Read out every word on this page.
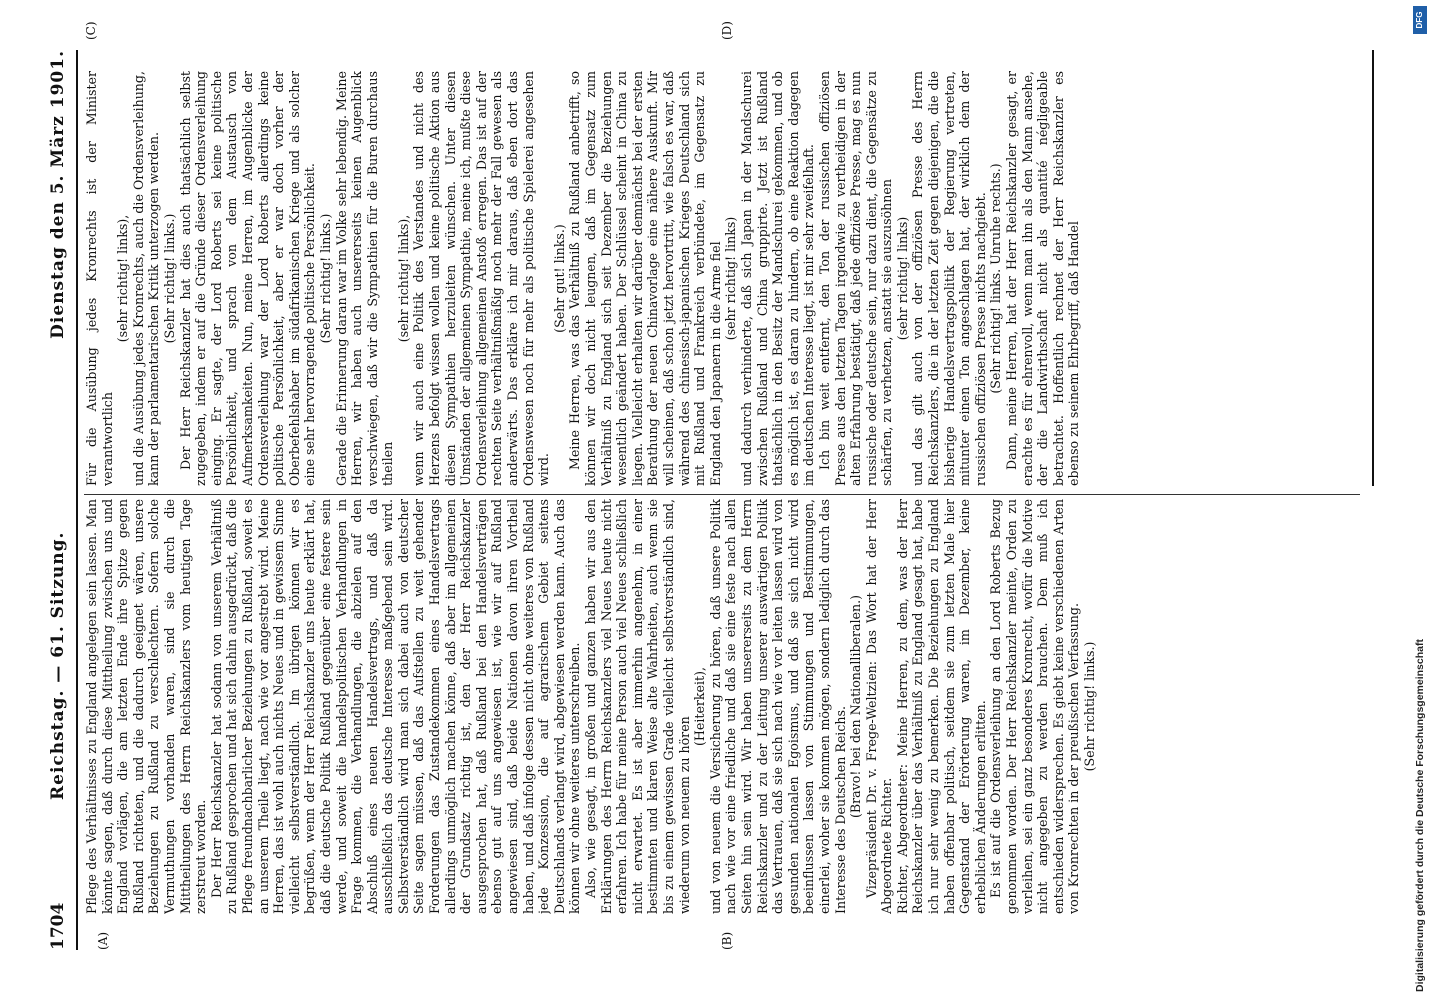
1704
Reichstag. — 61. Sitzung.
Dienstag den 5. März 1901.
(A)	(B)
(C)	(D)

Pflege des Verhältnisses zu England angelegen sein lassen. Man könnte sagen, daß durch diese Mittheilung zwischen uns und England vorlägen, die am letzten Ende ihre Spitze gegen Rußland richteten, und die dadurch geeignet wären, unsere Beziehungen zu Rußland zu verschlechtern. Sofern solche Vermuthungen vorhanden waren, sind sie durch die Mittheilungen des Herrn Reichskanzlers vom heutigen Tage zerstreut worden. Der Herr Reichskanzler hat sodann von unserem Verhältniß zu Rußland gesprochen und hat sich dahin ausgedrückt, daß die Pflege freundnachbarlicher Beziehungen zu Rußland, soweit es an unserem Theile liegt, nach wie vor angestrebt wird. Meine Herren, das ist wohl auch nichts Neues und in gewissem Sinne vielleicht selbstverständlich. Im übrigen können wir es begrüßen, wenn der Herr Reichskanzler uns heute erklärt hat, daß die deutsche Politik Rußland gegenüber eine festere sein werde, und soweit die handelspolitischen Verhandlungen in Frage kommen, die Verhandlungen, die abzielen auf den Abschluß eines neuen Handelsvertrags, und daß da ausschließlich das deutsche Interesse maßgebend sein wird. Selbstverständlich wird man sich dabei auch von deutscher Seite sagen müssen, daß das Aufstellen zu weit gehender Forderungen das Zustandekommen eines Handelsvertrags allerdings unmöglich machen könne, daß aber im allgemeinen der Grundsatz richtig ist, den der Herr Reichskanzler ausgesprochen hat, daß Rußland bei den Handelsverträgen ebenso gut auf uns angewiesen ist, wie wir auf Rußland angewiesen sind, daß beide Nationen davon ihren Vortheil haben, und daß infolge dessen nicht ohne weiteres von Rußland jede Konzession, die auf agrarischem Gebiet seitens Deutschlands verlangt wird, abgewiesen werden kann. Auch das können wir ohne weiteres unterschreiben. Also, wie gesagt, in großen und ganzen haben wir aus den Erklärungen des Herrn Reichskanzlers viel Neues heute nicht erfahren. Ich habe für meine Person auch viel Neues schließlich nicht erwartet. Es ist aber immerhin angenehm, in einer bestimmten und klaren Weise alte Wahrheiten, auch wenn sie bis zu einem gewissen Grade vielleicht selbstverständlich sind, wiederum von neuem zu hören

(Heiterkeit), und von neuem die Versicherung zu hören, daß unsere Politik nach wie vor eine friedliche und daß sie eine feste nach allen Seiten hin sein wird. Wir haben unsererseits zu dem Herrn Reichskanzler und zu der Leitung unserer auswärtigen Politik das Vertrauen, daß sie sich nach wie vor leiten lassen wird von gesunden nationalen Egoismus, und daß sie sich nicht wird beeinflussen lassen von Stimmungen und Bestimmungen, einerlei, woher sie kommen mögen, sondern lediglich durch das Interesse des Deutschen Reichs. (Bravo! bei den Nationalliberalen.) Vizepräsident Dr. v. Frege-Weltzien: Das Wort hat der Herr Abgeordnete Richter. Richter, Abgeordneter: Meine Herren, zu dem, was der Herr Reichskanzler über das Verhältniß zu England gesagt hat, habe ich nur sehr wenig zu bemerken. Die Beziehungen zu England haben offenbar politisch, seitdem sie zum letzten Male hier Gegenstand der Erörterung waren, im Dezember, keine erheblichen Änderungen erlitten. Es ist auf die Ordensverleihung an den Lord Roberts Bezug genommen worden. Der Herr Reichskanzler meinte, Orden zu verleihen, sei ein ganz besonderes Kronrecht, wofür die Motive nicht angegeben zu werden brauchen. Dem muß ich entschieden widersprechen. Es giebt keine verschiedenen Arten von Kronrechten in der preußischen Verfassung. (Sehr richtig! links.)

Für die Ausübung jedes Kronrechts ist der Minister verantwortlich

(sehr richtig! links), und die Ausübung jedes Kronrechts, auch die Ordensverleihung, kann der parlamentarischen Kritik unterzogen werden. (Sehr richtig! links.) Der Herr Reichskanzler hat dies auch thatsächlich selbst zugegeben, indem er auf die Gründe dieser Ordensverleihung einging. Er sagte, der Lord Roberts sei keine politische Persönlichkeit, und sprach von dem Austausch von Aufmerksamkeiten. Nun, meine Herren, im Augenblicke der Ordensverleihung war der Lord Roberts allerdings keine politische Persönlichkeit, aber er war doch vorher der Oberbefehlshaber im südafrikanischen Kriege und als solcher eine sehr hervorragende politische Persönlichkeit. (Sehr richtig! links.) Gerade die Erinnerung daran war im Volke sehr lebendig. Meine Herren, wir haben auch unsererseits keinen Augenblick verschwiegen, daß wir die Sympathien für die Buren durchaus theilen

(sehr richtig! links), wenn wir auch eine Politik des Verstandes und nicht des Herzens befolgt wissen wollen und keine politische Aktion aus diesen Sympathien herzuleiten wünschen. Unter diesen Umständen der allgemeinen Sympathie, meine ich, mußte diese Ordensverleihung allgemeinen Anstoß erregen. Das ist auf der rechten Seite verhältnißmäßig noch mehr der Fall gewesen als anderwärts. Das erkläre ich mir daraus, daß eben dort das Ordenswesen noch für mehr als politische Spielerei angesehen wird.

(Sehr gut! links.) Meine Herren, was das Verhältniß zu Rußland anbetrifft, so können wir doch nicht leugnen, daß im Gegensatz zum Verhältniß zu England sich seit Dezember die Beziehungen wesentlich geändert haben. Der Schlüssel scheint in China zu liegen. Vielleicht erhalten wir darüber demnächst bei der ersten Berathung der neuen Chinavorlage eine nähere Auskunft. Mir will scheinen, daß schon jetzt hervortritt, wie falsch es war, daß während des chinesisch-japanischen Krieges Deutschland sich mit Rußland und Frankreich verbündete, im Gegensatz zu England den Japanern in die Arme fiel (sehr richtig! links) und dadurch verhinderte, daß sich Japan in der Mandschurei zwischen Rußland und China gruppirte. Jetzt ist Rußland thatsächlich in den Besitz der Mandschurei gekommen, und ob es möglich ist, es daran zu hindern, ob eine Reaktion dagegen im deutschen Interesse liegt, ist mir sehr zweifelhaft. Ich bin weit entfernt, den Ton der russischen offiziösen Presse aus den letzten Tagen irgendwie zu vertheidigen in der alten Erfahrung bestätigt, daß jede offiziöse Presse, mag es nun russische oder deutsche sein, nur dazu dient, die Gegensätze zu schärfen, zu verhetzen, anstatt sie auszusöhnen (sehr richtig! links) und das gilt auch von der offiziösen Presse des Herrn Reichskanzlers, die in der letzten Zeit gegen diejenigen, die die bisherige Handelsvertragspolitik der Regierung vertreten, mitunter einen Ton angeschlagen hat, der wirklich dem der russischen offiziösen Presse nichts nachgiebt. (Sehr richtig! links. Unruhe rechts.) Dann, meine Herren, hat der Herr Reichskanzler gesagt, er erachte es für ehrenvoll, wenn man ihn als den Mann ansehe, der die Landwirthschaft nicht als quantité négligeable betrachtet. Hoffentlich rechnet der Herr Reichskanzler es ebenso zu seinem Ehrbegriff, daß Handel

Digitalisierung gefördert durch die Deutsche Forschungsgemeinschaft
DFG
